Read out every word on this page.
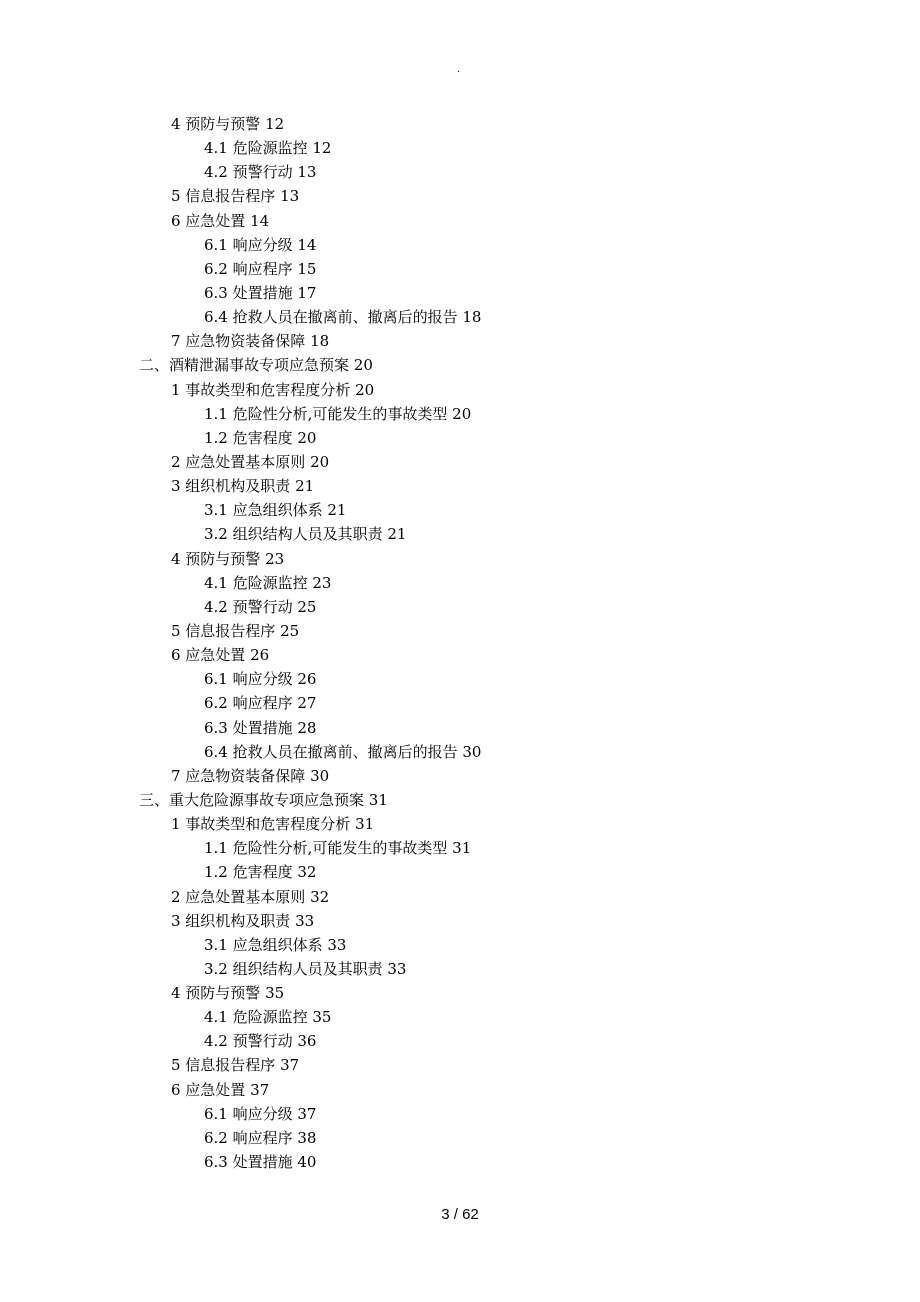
.
4 预防与预警 12
4.1 危险源监控 12
4.2 预警行动 13
5 信息报告程序 13
6 应急处置 14
6.1 响应分级 14
6.2 响应程序 15
6.3 处置措施 17
6.4 抢救人员在撤离前、撤离后的报告 18
7 应急物资装备保障 18
二、酒精泄漏事故专项应急预案 20
1 事故类型和危害程度分析 20
1.1 危险性分析,可能发生的事故类型 20
1.2 危害程度 20
2 应急处置基本原则 20
3 组织机构及职责 21
3.1 应急组织体系 21
3.2 组织结构人员及其职责 21
4 预防与预警 23
4.1 危险源监控 23
4.2 预警行动 25
5 信息报告程序 25
6 应急处置 26
6.1 响应分级 26
6.2 响应程序 27
6.3 处置措施 28
6.4 抢救人员在撤离前、撤离后的报告 30
7 应急物资装备保障 30
三、重大危险源事故专项应急预案 31
1 事故类型和危害程度分析 31
1.1 危险性分析,可能发生的事故类型 31
1.2 危害程度 32
2 应急处置基本原则 32
3 组织机构及职责 33
3.1 应急组织体系 33
3.2 组织结构人员及其职责 33
4 预防与预警 35
4.1 危险源监控 35
4.2 预警行动 36
5 信息报告程序 37
6 应急处置 37
6.1 响应分级 37
6.2 响应程序 38
6.3 处置措施 40
3 / 62
